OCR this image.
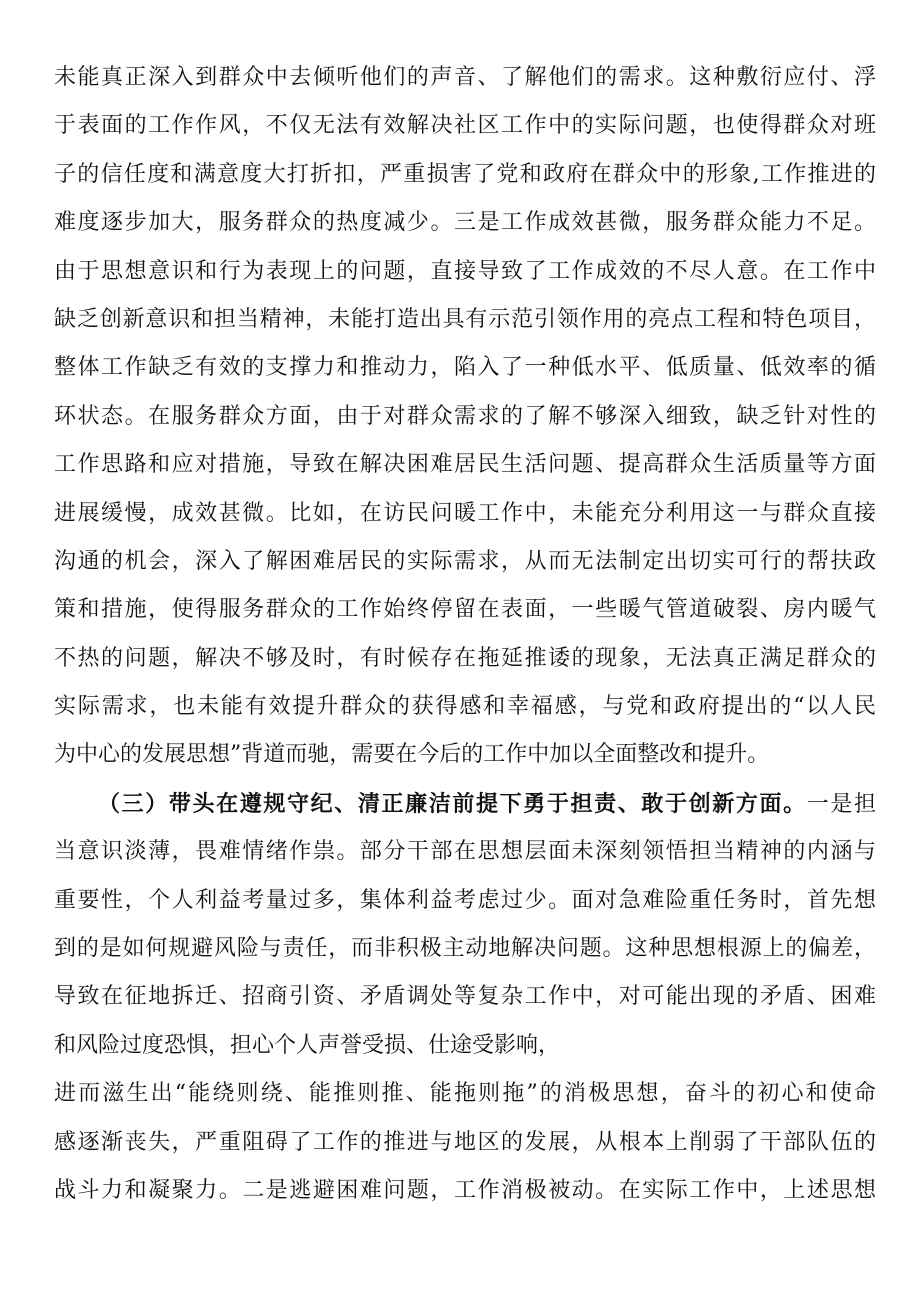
未能真正深入到群众中去倾听他们的声音、了解他们的需求。这种敷衍应付、浮
于表面的工作作风，不仅无法有效解决社区工作中的实际问题，也使得群众对班
子的信任度和满意度大打折扣，严重损害了党和政府在群众中的形象,工作推进的
难度逐步加大，服务群众的热度减少。三是工作成效甚微，服务群众能力不足。
由于思想意识和行为表现上的问题，直接导致了工作成效的不尽人意。在工作中
缺乏创新意识和担当精神，未能打造出具有示范引领作用的亮点工程和特色项目，
整体工作缺乏有效的支撑力和推动力，陷入了一种低水平、低质量、低效率的循
环状态。在服务群众方面，由于对群众需求的了解不够深入细致，缺乏针对性的
工作思路和应对措施，导致在解决困难居民生活问题、提高群众生活质量等方面
进展缓慢，成效甚微。比如，在访民问暖工作中，未能充分利用这一与群众直接
沟通的机会，深入了解困难居民的实际需求，从而无法制定出切实可行的帮扶政
策和措施，使得服务群众的工作始终停留在表面，一些暖气管道破裂、房内暖气
不热的问题，解决不够及时，有时候存在拖延推诿的现象，无法真正满足群众的
实际需求，也未能有效提升群众的获得感和幸福感，与党和政府提出的“以人民
为中心的发展思想”背道而驰，需要在今后的工作中加以全面整改和提升。
（三）带头在遵规守纪、清正廉洁前提下勇于担责、敢于创新方面。一是担
当意识淡薄，畏难情绪作祟。部分干部在思想层面未深刻领悟担当精神的内涵与
重要性，个人利益考量过多，集体利益考虑过少。面对急难险重任务时，首先想
到的是如何规避风险与责任，而非积极主动地解决问题。这种思想根源上的偏差，
导致在征地拆迁、招商引资、矛盾调处等复杂工作中，对可能出现的矛盾、困难
和风险过度恐惧，担心个人声誉受损、仕途受影响，
进而滋生出“能绕则绕、能推则推、能拖则拖”的消极思想，奋斗的初心和使命
感逐渐丧失，严重阻碍了工作的推进与地区的发展，从根本上削弱了干部队伍的
战斗力和凝聚力。二是逃避困难问题，工作消极被动。在实际工作中，上述思想
